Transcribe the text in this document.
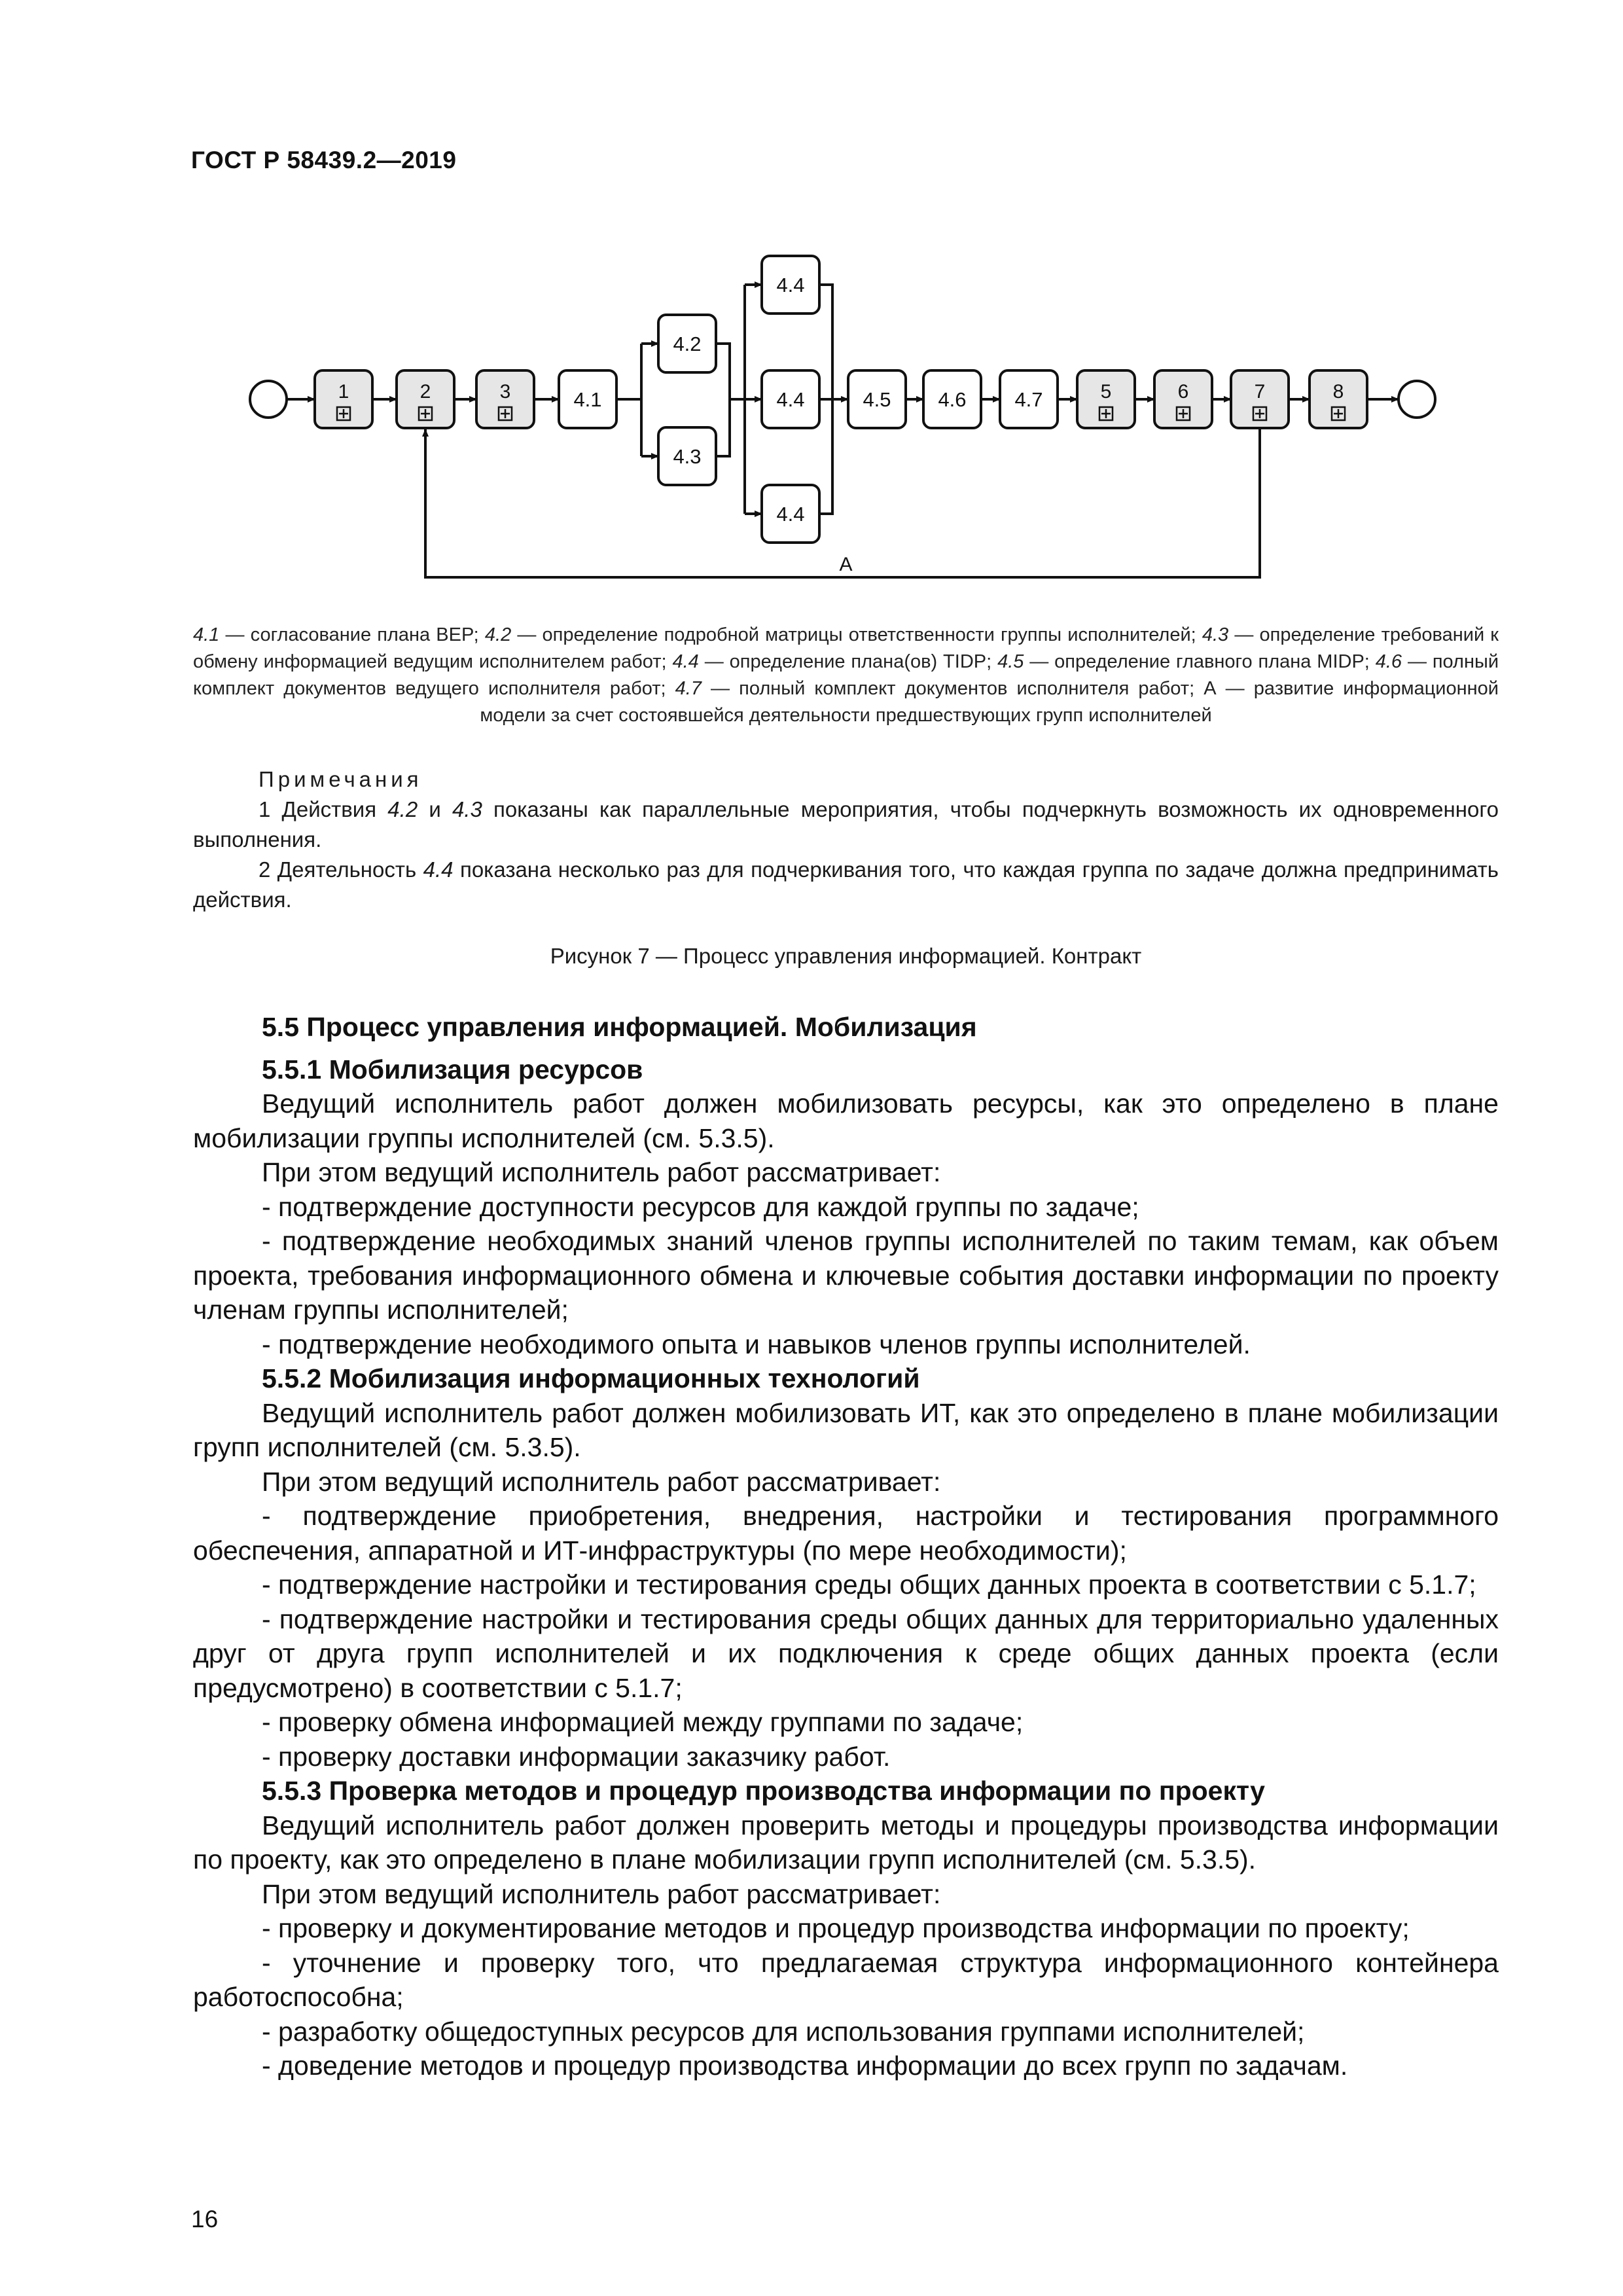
ГОСТ Р 58439.2—2019
А
1	2	3	4.1
4.2
4.3
4.4
4.4
4.4
4.5 4.6 4.7	5	6	7	8
4.1 — согласование плана ВЕР; 4.2 — определение подробной матрицы ответственности группы исполнителей; 4.3 — определение требований к обмену информацией ведущим исполнителем работ; 4.4 — определение плана(ов) TIDP; 4.5 — определение главного плана MIDP; 4.6 — полный комплект документов ведущего исполнителя работ; 4.7 — полный комплект документов исполнителя работ; А — развитие информационной модели за счет состоявшейся деятельности предшествующих групп исполнителей
Примечания

1 Действия 4.2 и 4.3 показаны как параллельные мероприятия, чтобы подчеркнуть возможность их одновременного выполнения.

2 Деятельность 4.4 показана несколько раз для подчеркивания того, что каждая группа по задаче должна предпринимать действия.

Рисунок 7 — Процесс управления информацией. Контракт

5.5 Процесс управления информацией. Мобилизация

5.5.1 Мобилизация ресурсов

Ведущий исполнитель работ должен мобилизовать ресурсы, как это определено в плане мобилизации группы исполнителей (см. 5.3.5).

При этом ведущий исполнитель работ рассматривает:

- подтверждение доступности ресурсов для каждой группы по задаче;

- подтверждение необходимых знаний членов группы исполнителей по таким темам, как объем проекта, требования информационного обмена и ключевые события доставки информации по проекту членам группы исполнителей;

- подтверждение необходимого опыта и навыков членов группы исполнителей.

5.5.2 Мобилизация информационных технологий

Ведущий исполнитель работ должен мобилизовать ИТ, как это определено в плане мобилизации групп исполнителей (см. 5.3.5).

При этом ведущий исполнитель работ рассматривает:

- подтверждение приобретения, внедрения, настройки и тестирования программного обеспечения, аппаратной и ИТ-инфраструктуры (по мере необходимости);

- подтверждение настройки и тестирования среды общих данных проекта в соответствии с 5.1.7;

- подтверждение настройки и тестирования среды общих данных для территориально удаленных друг от друга групп исполнителей и их подключения к среде общих данных проекта (если предусмотрено) в соответствии с 5.1.7;

- проверку обмена информацией между группами по задаче;

- проверку доставки информации заказчику работ.

5.5.3 Проверка методов и процедур производства информации по проекту

Ведущий исполнитель работ должен проверить методы и процедуры производства информации по проекту, как это определено в плане мобилизации групп исполнителей (см. 5.3.5).

При этом ведущий исполнитель работ рассматривает:

- проверку и документирование методов и процедур производства информации по проекту;

- уточнение и проверку того, что предлагаемая структура информационного контейнера работоспособна;

- разработку общедоступных ресурсов для использования группами исполнителей;

- доведение методов и процедур производства информации до всех групп по задачам.

16
